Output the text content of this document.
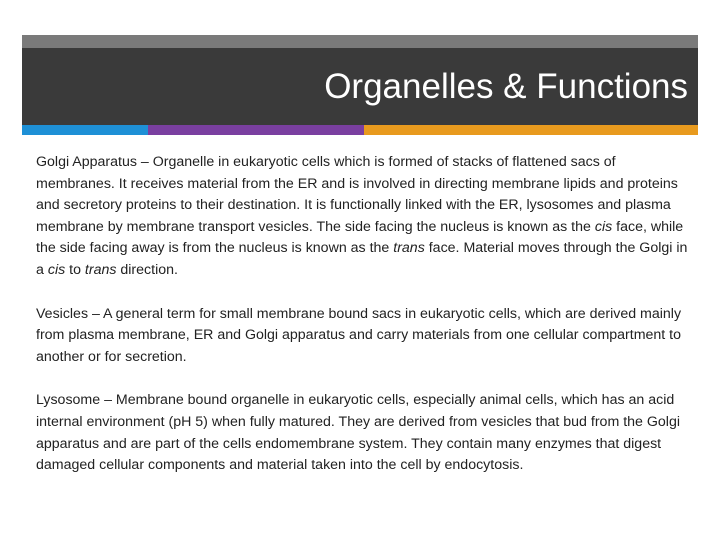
Organelles & Functions

Golgi Apparatus – Organelle in eukaryotic cells which is formed of stacks of flattened sacs of membranes. It receives material from the ER and is involved in directing membrane lipids and proteins and secretory proteins to their destination. It is functionally linked with the ER, lysosomes and plasma membrane by membrane transport vesicles. The side facing the nucleus is known as the cis face, while the side facing away is from the nucleus is known as the trans face. Material moves through the Golgi in a cis to trans direction.

Vesicles – A general term for small membrane bound sacs in eukaryotic cells, which are derived mainly from plasma membrane, ER and Golgi apparatus and carry materials from one cellular compartment to another or for secretion.

Lysosome – Membrane bound organelle in eukaryotic cells, especially animal cells, which has an acid internal environment (pH 5) when fully matured. They are derived from vesicles that bud from the Golgi apparatus and are part of the cells endomembrane system. They contain many enzymes that digest damaged cellular components and material taken into the cell by endocytosis.
